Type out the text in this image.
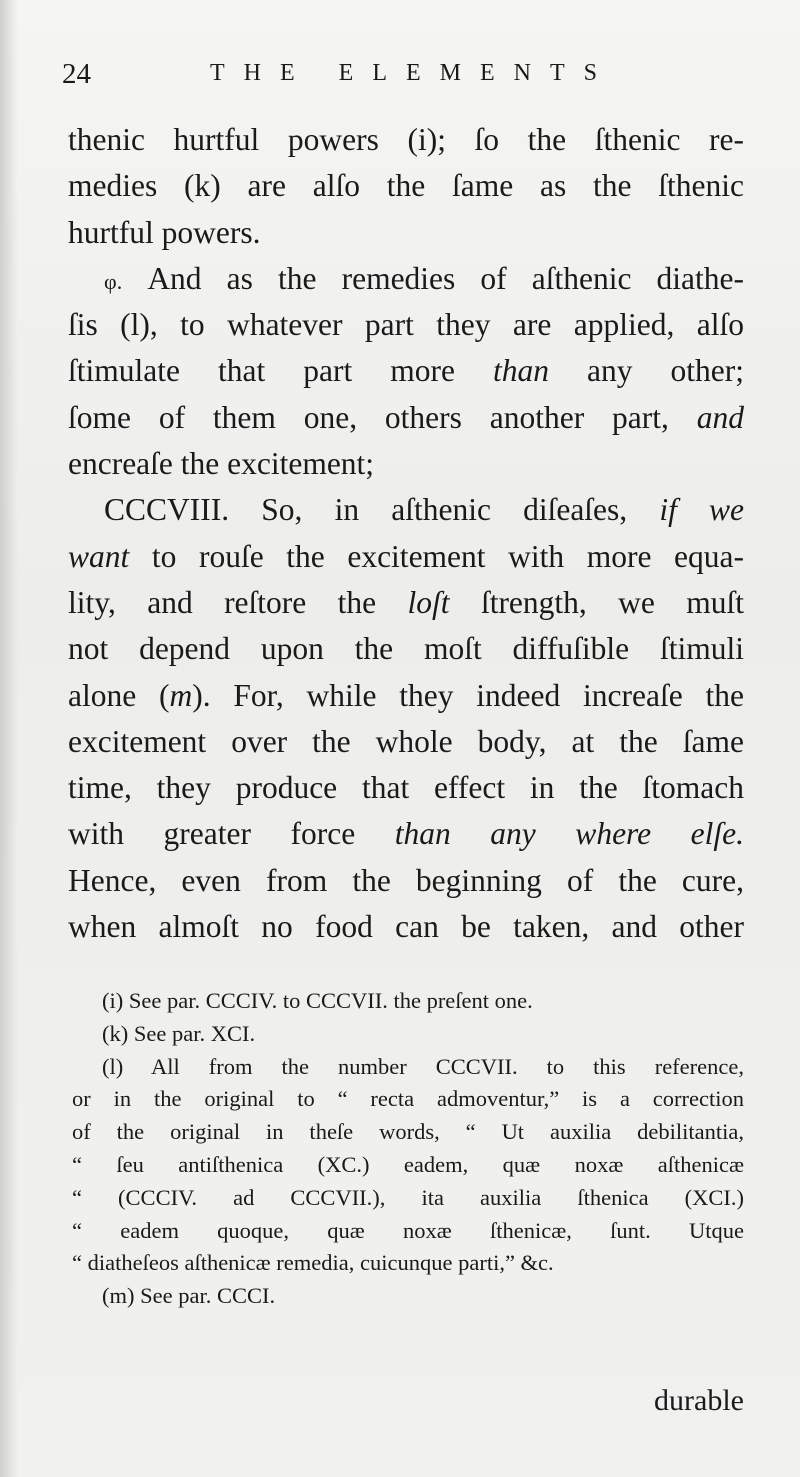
24	THE ELEMENTS
thenic hurtful powers (i); ſo the ſthenic re-
medies (k) are alſo the ſame as the ſthenic
hurtful powers.
φ. And as the remedies of aſthenic diathe-
ſis (l), to whatever part they are applied, alſo
ſtimulate that part more than any other;
ſome of them one, others another part, and
encreaſe the excitement;
CCCVIII. So, in aſthenic diſeaſes, if we
want to rouſe the excitement with more equa-
lity, and reſtore the loſt ſtrength, we muſt
not depend upon the moſt diffuſible ſtimuli
alone (m). For, while they indeed increaſe the
excitement over the whole body, at the ſame
time, they produce that effect in the ſtomach
with greater force than any where elſe.
Hence, even from the beginning of the cure,
when almoſt no food can be taken, and other
(i) See par. CCCIV. to CCCVII. the preſent one.
(k) See par. XCI.
(l) All from the number CCCVII. to this reference,
or in the original to “ recta admoventur,” is a correction
of the original in theſe words, “ Ut auxilia debilitantia,
“ ſeu antiſthenica (XC.) eadem, quæ noxæ aſthenicæ
“ (CCCIV. ad CCCVII.), ita auxilia ſthenica (XCI.)
“ eadem quoque, quæ noxæ ſthenicæ, ſunt. Utque
“ diatheſeos aſthenicæ remedia, cuicunque parti,” &c.
(m) See par. CCCI.
durable
